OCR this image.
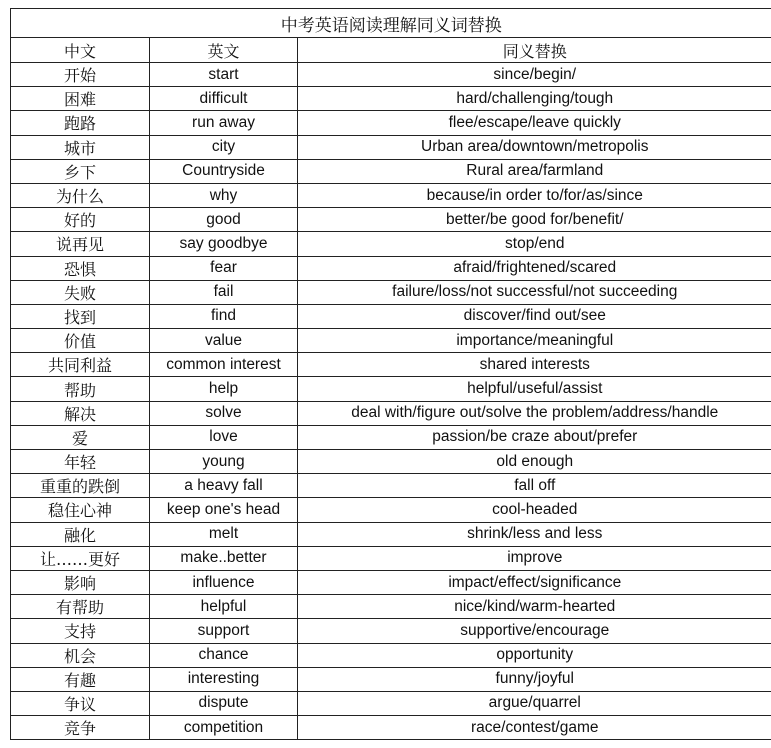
中考英语阅读理解同义词替换		
中文	英文	同义替换
开始	start	since/begin/
困难	difficult	hard/challenging/tough
跑路	run away	flee/escape/leave quickly
城市	city	Urban area/downtown/metropolis
乡下	Countryside	Rural area/farmland
为什么	why	because/in order to/for/as/since
好的	good	better/be good for/benefit/
说再见	say goodbye	stop/end
恐惧	fear	afraid/frightened/scared
失败	fail	failure/loss/not successful/not succeeding
找到	find	discover/find out/see
价值	value	importance/meaningful
共同利益	common interest	shared interests
帮助	help	helpful/useful/assist
解决	solve	deal with/figure out/solve the problem/address/handle
爱	love	passion/be craze about/prefer
年轻	young	old enough
重重的跌倒	a heavy fall	fall off
稳住心神	keep one's head	cool-headed
融化	melt	shrink/less and less
让……更好	make..better	improve
影响	influence	impact/effect/significance
有帮助	helpful	nice/kind/warm-hearted
支持	support	supportive/encourage
机会	chance	opportunity
有趣	interesting	funny/joyful
争议	dispute	argue/quarrel
竞争	competition	race/contest/game
